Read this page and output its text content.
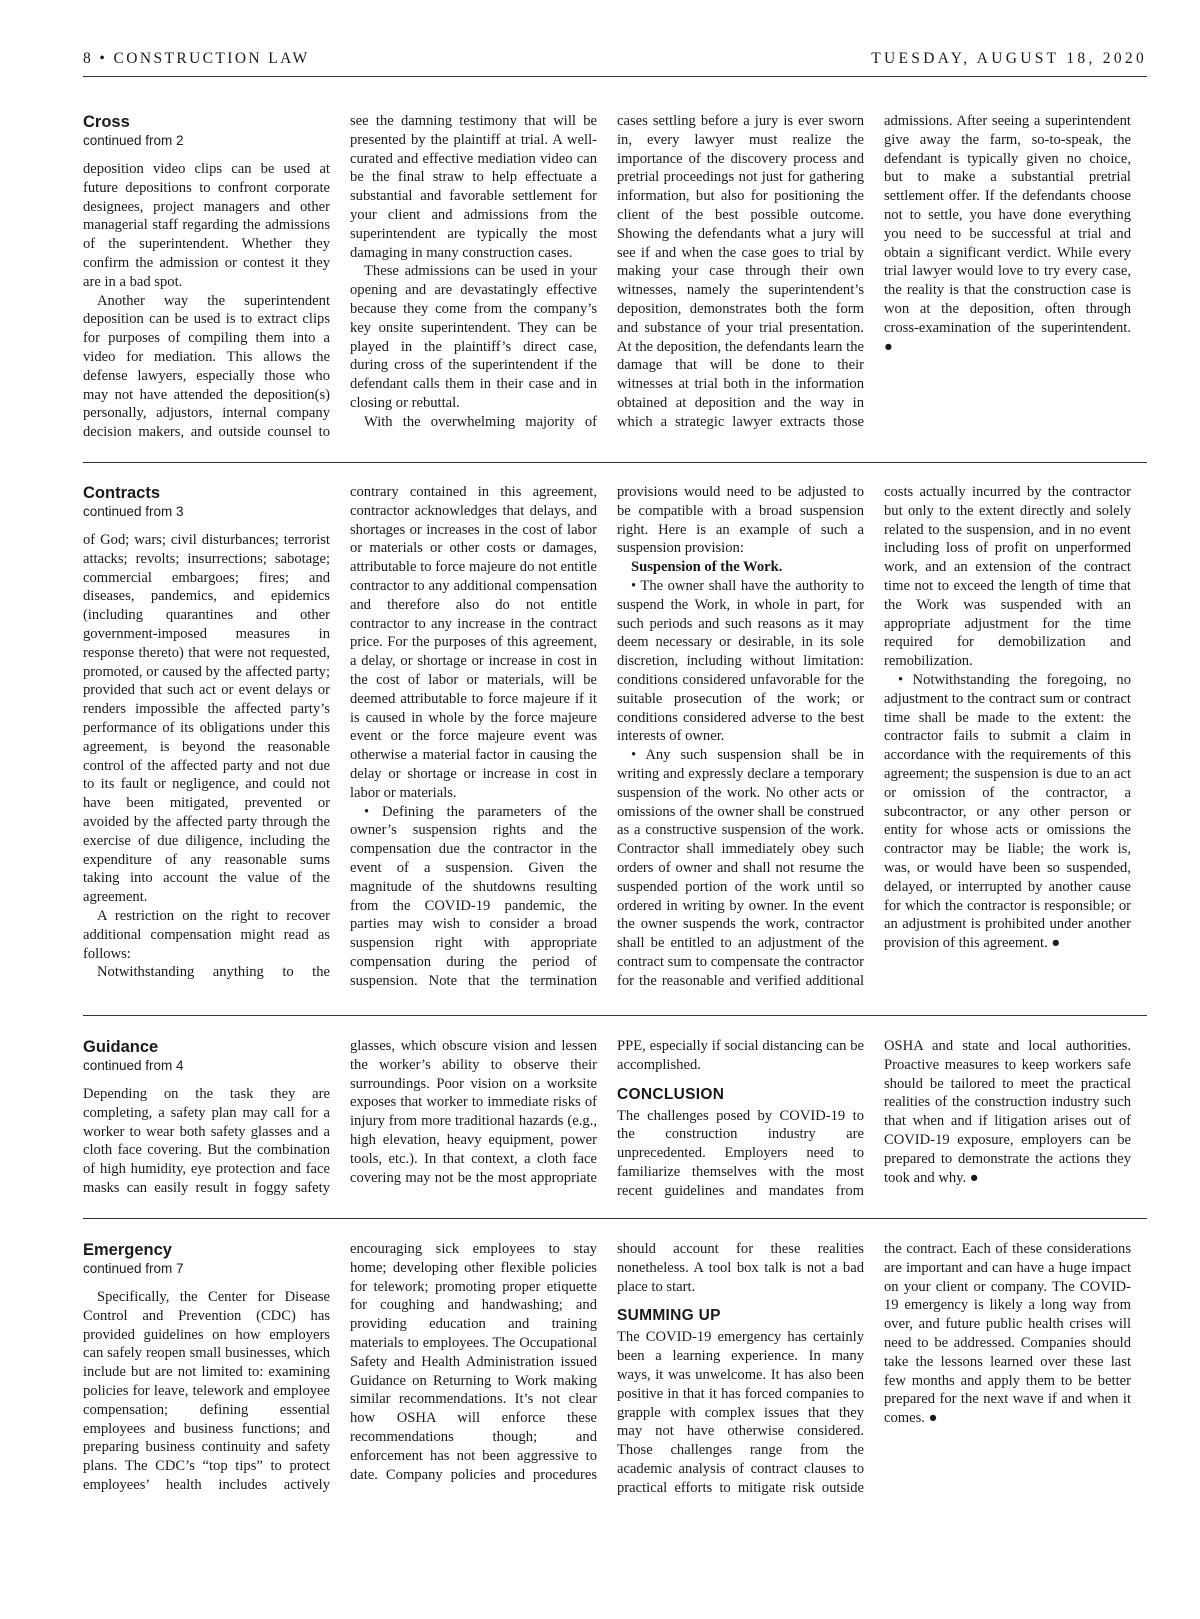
8 • CONSTRUCTION LAW	TUESDAY, AUGUST 18, 2020
Cross
continued from 2

deposition video clips can be used at future depositions to confront corporate designees, project managers and other managerial staff regarding the admissions of the superintendent. Whether they confirm the admission or contest it they are in a bad spot.

Another way the superintendent deposition can be used is to extract clips for purposes of compiling them into a video for mediation. This allows the defense lawyers, especially those who may not have attended the deposition(s) personally, adjustors, internal company decision makers, and outside counsel to

see the damning testimony that will be presented by the plaintiff at trial. A well-curated and effective mediation video can be the final straw to help effectuate a substantial and favorable settlement for your client and admissions from the superintendent are typically the most damaging in many construction cases.

These admissions can be used in your opening and are devastatingly effective because they come from the company’s key onsite superintendent. They can be played in the plaintiff’s direct case, during cross of the superintendent if the defendant calls them in their case and in closing or rebuttal.

With the overwhelming majority of

cases settling before a jury is ever sworn in, every lawyer must realize the importance of the discovery process and pretrial proceedings not just for gathering information, but also for positioning the client of the best possible outcome. Showing the defendants what a jury will see if and when the case goes to trial by making your case through their own witnesses, namely the superintendent’s deposition, demonstrates both the form and substance of your trial presentation. At the deposition, the defendants learn the damage that will be done to their witnesses at trial both in the information obtained at deposition and the way in which a strategic lawyer extracts those

admissions. After seeing a superintendent give away the farm, so-to-speak, the defendant is typically given no choice, but to make a substantial pretrial settlement offer. If the defendants choose not to settle, you have done everything you need to be successful at trial and obtain a significant verdict. While every trial lawyer would love to try every case, the reality is that the construction case is won at the deposition, often through cross-examination of the superintendent. ●

Contracts
continued from 3

of God; wars; civil disturbances; terrorist attacks; revolts; insurrections; sabotage; commercial embargoes; fires; and diseases, pandemics, and epidemics (including quarantines and other government-imposed measures in response thereto) that were not requested, promoted, or caused by the affected party; provided that such act or event delays or renders impossible the affected party’s performance of its obligations under this agreement, is beyond the reasonable control of the affected party and not due to its fault or negligence, and could not have been mitigated, prevented or avoided by the affected party through the exercise of due diligence, including the expenditure of any reasonable sums taking into account the value of the agreement.

A restriction on the right to recover additional compensation might read as follows:

Notwithstanding anything to the

contrary contained in this agreement, contractor acknowledges that delays, and shortages or increases in the cost of labor or materials or other costs or damages, attributable to force majeure do not entitle contractor to any additional compensation and therefore also do not entitle contractor to any increase in the contract price. For the purposes of this agreement, a delay, or shortage or increase in cost in the cost of labor or materials, will be deemed attributable to force majeure if it is caused in whole by the force majeure event or the force majeure event was otherwise a material factor in causing the delay or shortage or increase in cost in labor or materials.

• Defining the parameters of the owner’s suspension rights and the compensation due the contractor in the event of a suspension. Given the magnitude of the shutdowns resulting from the COVID-19 pandemic, the parties may wish to consider a broad suspension right with appropriate compensation during the period of suspension. Note that the termination

provisions would need to be adjusted to be compatible with a broad suspension right. Here is an example of such a suspension provision:

Suspension of the Work.

• The owner shall have the authority to suspend the Work, in whole in part, for such periods and such reasons as it may deem necessary or desirable, in its sole discretion, including without limitation: conditions considered unfavorable for the suitable prosecution of the work; or conditions considered adverse to the best interests of owner.

• Any such suspension shall be in writing and expressly declare a temporary suspension of the work. No other acts or omissions of the owner shall be construed as a constructive suspension of the work. Contractor shall immediately obey such orders of owner and shall not resume the suspended portion of the work until so ordered in writing by owner. In the event the owner suspends the work, contractor shall be entitled to an adjustment of the contract sum to compensate the contractor for the reasonable and verified additional

costs actually incurred by the contractor but only to the extent directly and solely related to the suspension, and in no event including loss of profit on unperformed work, and an extension of the contract time not to exceed the length of time that the Work was suspended with an appropriate adjustment for the time required for demobilization and remobilization.

• Notwithstanding the foregoing, no adjustment to the contract sum or contract time shall be made to the extent: the contractor fails to submit a claim in accordance with the requirements of this agreement; the suspension is due to an act or omission of the contractor, a subcontractor, or any other person or entity for whose acts or omissions the contractor may be liable; the work is, was, or would have been so suspended, delayed, or interrupted by another cause for which the contractor is responsible; or an adjustment is prohibited under another provision of this agreement. ●

Guidance
continued from 4

Depending on the task they are completing, a safety plan may call for a worker to wear both safety glasses and a cloth face covering. But the combination of high humidity, eye protection and face masks can easily result in foggy safety

glasses, which obscure vision and lessen the worker’s ability to observe their surroundings. Poor vision on a worksite exposes that worker to immediate risks of injury from more traditional hazards (e.g., high elevation, heavy equipment, power tools, etc.). In that context, a cloth face covering may not be the most appropriate

PPE, especially if social distancing can be accomplished.

CONCLUSION

The challenges posed by COVID-19 to the construction industry are unprecedented. Employers need to familiarize themselves with the most recent guidelines and mandates from

OSHA and state and local authorities. Proactive measures to keep workers safe should be tailored to meet the practical realities of the construction industry such that when and if litigation arises out of COVID-19 exposure, employers can be prepared to demonstrate the actions they took and why. ●

Emergency
continued from 7

Specifically, the Center for Disease Control and Prevention (CDC) has provided guidelines on how employers can safely reopen small businesses, which include but are not limited to: examining policies for leave, telework and employee compensation; defining essential employees and business functions; and preparing business continuity and safety plans. The CDC’s “top tips” to protect employees’ health includes actively

encouraging sick employees to stay home; developing other flexible policies for telework; promoting proper etiquette for coughing and handwashing; and providing education and training materials to employees. The Occupational Safety and Health Administration issued Guidance on Returning to Work making similar recommendations. It’s not clear how OSHA will enforce these recommendations though; and enforcement has not been aggressive to date. Company policies and procedures

should account for these realities nonetheless. A tool box talk is not a bad place to start.

SUMMING UP

The COVID-19 emergency has certainly been a learning experience. In many ways, it was unwelcome. It has also been positive in that it has forced companies to grapple with complex issues that they may not have otherwise considered. Those challenges range from the academic analysis of contract clauses to practical efforts to mitigate risk outside

the contract. Each of these considerations are important and can have a huge impact on your client or company. The COVID-19 emergency is likely a long way from over, and future public health crises will need to be addressed. Companies should take the lessons learned over these last few months and apply them to be better prepared for the next wave if and when it comes. ●
